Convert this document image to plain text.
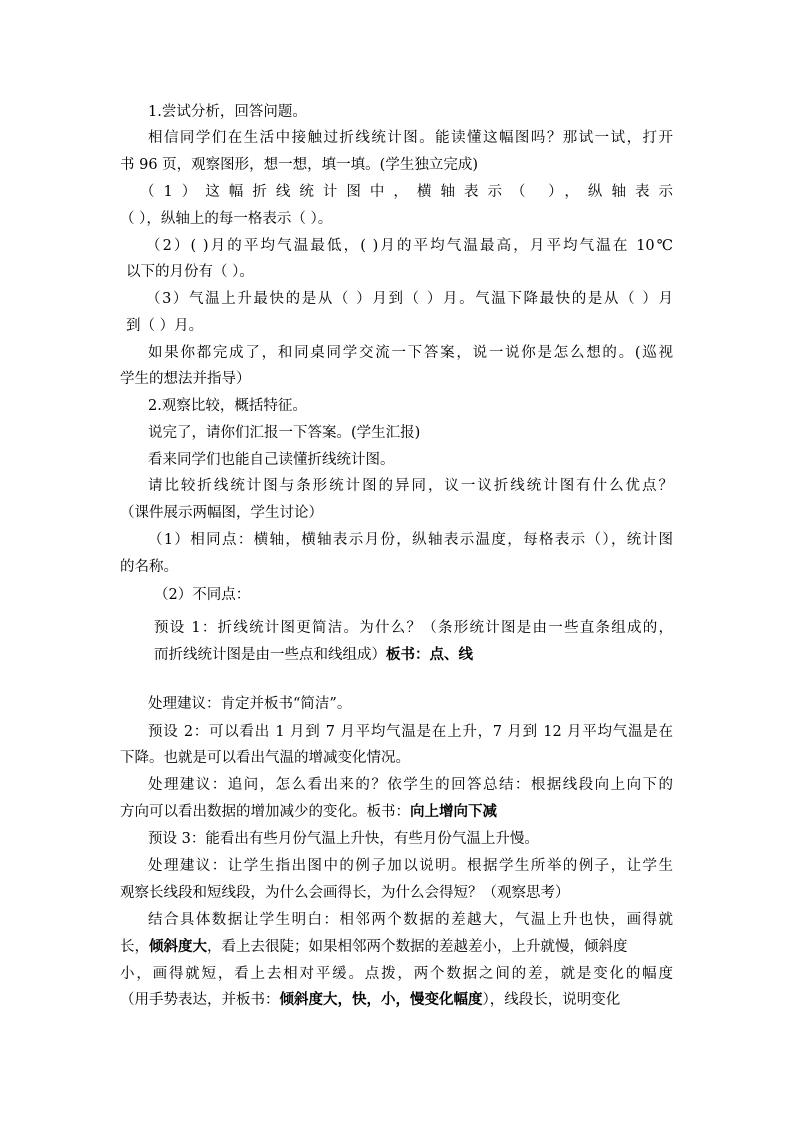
1.尝试分析，回答问题。
相信同学们在生活中接触过折线统计图。能读懂这幅图吗？那试一试，打开
书 96 页，观察图形，想一想，填一填。(学生独立完成)
（1）这幅折线统计图中，横轴表示（ ），纵轴表示
（ ），纵轴上的每一格表示（ ）。
（2）( )月的平均气温最低，( )月的平均气温最高，月平均气温在 10℃
以下的月份有（ ）。
（3）气温上升最快的是从（ ）月到（ ）月。气温下降最快的是从（ ）月
到（ ）月。
如果你都完成了，和同桌同学交流一下答案，说一说你是怎么想的。(巡视
学生的想法并指导）
2.观察比较，概括特征。
说完了，请你们汇报一下答案。(学生汇报)
看来同学们也能自己读懂折线统计图。
请比较折线统计图与条形统计图的异同，议一议折线统计图有什么优点？
（课件展示两幅图，学生讨论）
（1）相同点：横轴，横轴表示月份，纵轴表示温度，每格表示（），统计图
的名称。
（2）不同点：
预设 1：折线统计图更简洁。为什么？（条形统计图是由一些直条组成的，
而折线统计图是由一些点和线组成）板书：点、线
处理建议：肯定并板书“简洁”。
预设 2：可以看出 1 月到 7 月平均气温是在上升，7 月到 12 月平均气温是在
下降。也就是可以看出气温的增减变化情况。
处理建议：追问，怎么看出来的？依学生的回答总结：根据线段向上向下的
方向可以看出数据的增加减少的变化。板书：向上增向下减
预设 3：能看出有些月份气温上升快，有些月份气温上升慢。
处理建议：让学生指出图中的例子加以说明。根据学生所举的例子，让学生
观察长线段和短线段，为什么会画得长，为什么会得短？（观察思考）
结合具体数据让学生明白：相邻两个数据的差越大，气温上升也快，画得就
长，倾斜度大，看上去很陡；如果相邻两个数据的差越差小，上升就慢，倾斜度
小，画得就短，看上去相对平缓。点拨，两个数据之间的差，就是变化的幅度
（用手势表达，并板书：倾斜度大，快，小，慢变化幅度），线段长，说明变化
